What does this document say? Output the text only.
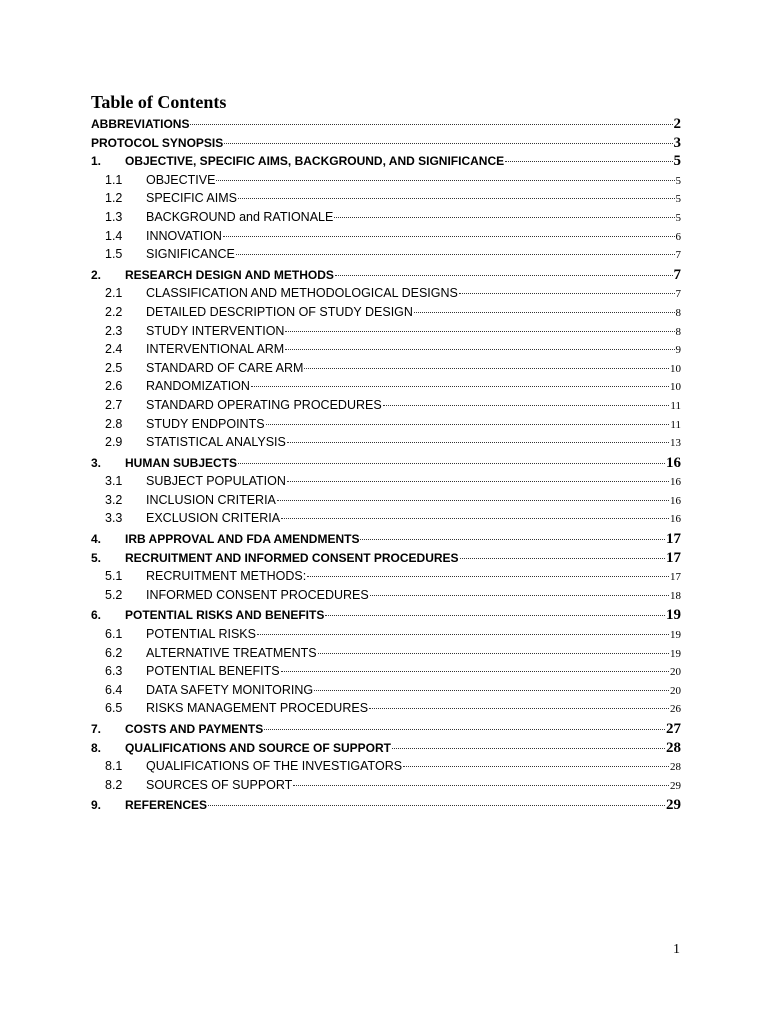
Table of Contents
ABBREVIATIONS	2
PROTOCOL SYNOPSIS	3
1.	OBJECTIVE, SPECIFIC AIMS, BACKGROUND, AND SIGNIFICANCE	5
1.1	OBJECTIVE	5
1.2	SPECIFIC AIMS	5
1.3	BACKGROUND and RATIONALE	5
1.4	INNOVATION	6
1.5	SIGNIFICANCE	7
2.	RESEARCH DESIGN AND METHODS	7
2.1	CLASSIFICATION AND METHODOLOGICAL DESIGNS	7
2.2	DETAILED DESCRIPTION OF STUDY DESIGN	8
2.3	STUDY INTERVENTION	8
2.4	INTERVENTIONAL ARM	9
2.5	STANDARD OF CARE ARM	10
2.6	RANDOMIZATION	10
2.7	STANDARD OPERATING PROCEDURES	11
2.8	STUDY ENDPOINTS	11
2.9	STATISTICAL ANALYSIS	13
3.	HUMAN SUBJECTS	16
3.1	SUBJECT POPULATION	16
3.2	INCLUSION CRITERIA	16
3.3	EXCLUSION CRITERIA	16
4.	IRB APPROVAL AND FDA AMENDMENTS	17
5.	RECRUITMENT AND INFORMED CONSENT PROCEDURES	17
5.1	RECRUITMENT METHODS:	17
5.2	INFORMED CONSENT PROCEDURES	18
6.	POTENTIAL RISKS AND BENEFITS	19
6.1	POTENTIAL RISKS	19
6.2	ALTERNATIVE TREATMENTS	19
6.3	POTENTIAL BENEFITS	20
6.4	DATA SAFETY MONITORING	20
6.5	RISKS MANAGEMENT PROCEDURES	26
7.	COSTS AND PAYMENTS	27
8.	QUALIFICATIONS AND SOURCE OF SUPPORT	28
8.1	QUALIFICATIONS OF THE INVESTIGATORS	28
8.2	SOURCES OF SUPPORT	29
9.	REFERENCES	29
1
